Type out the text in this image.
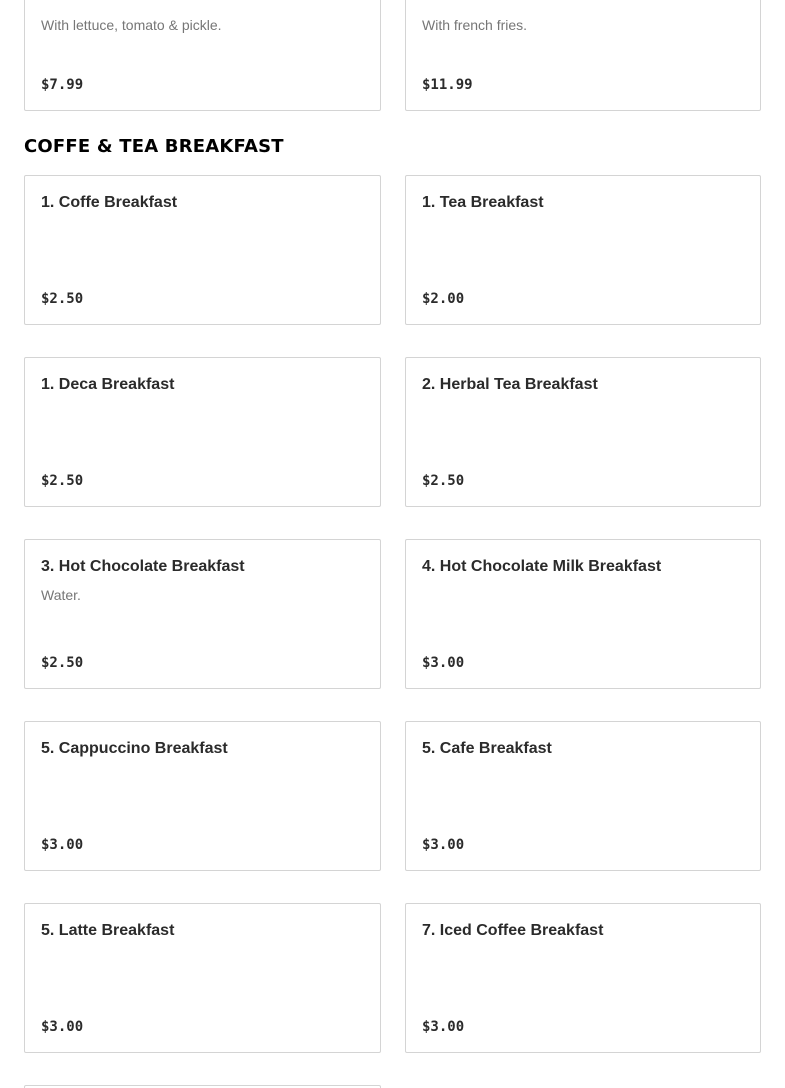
With lettuce, tomato & pickle.
$7.99
With french fries.
$11.99
COFFE & TEA BREAKFAST
1. Coffe Breakfast
$2.50
1. Tea Breakfast
$2.00
1. Deca Breakfast
$2.50
2. Herbal Tea Breakfast
$2.50
3. Hot Chocolate Breakfast
Water.
$2.50
4. Hot Chocolate Milk Breakfast
$3.00
5. Cappuccino Breakfast
$3.00
5. Cafe Breakfast
$3.00
5. Latte Breakfast
$3.00
7. Iced Coffee Breakfast
$3.00
